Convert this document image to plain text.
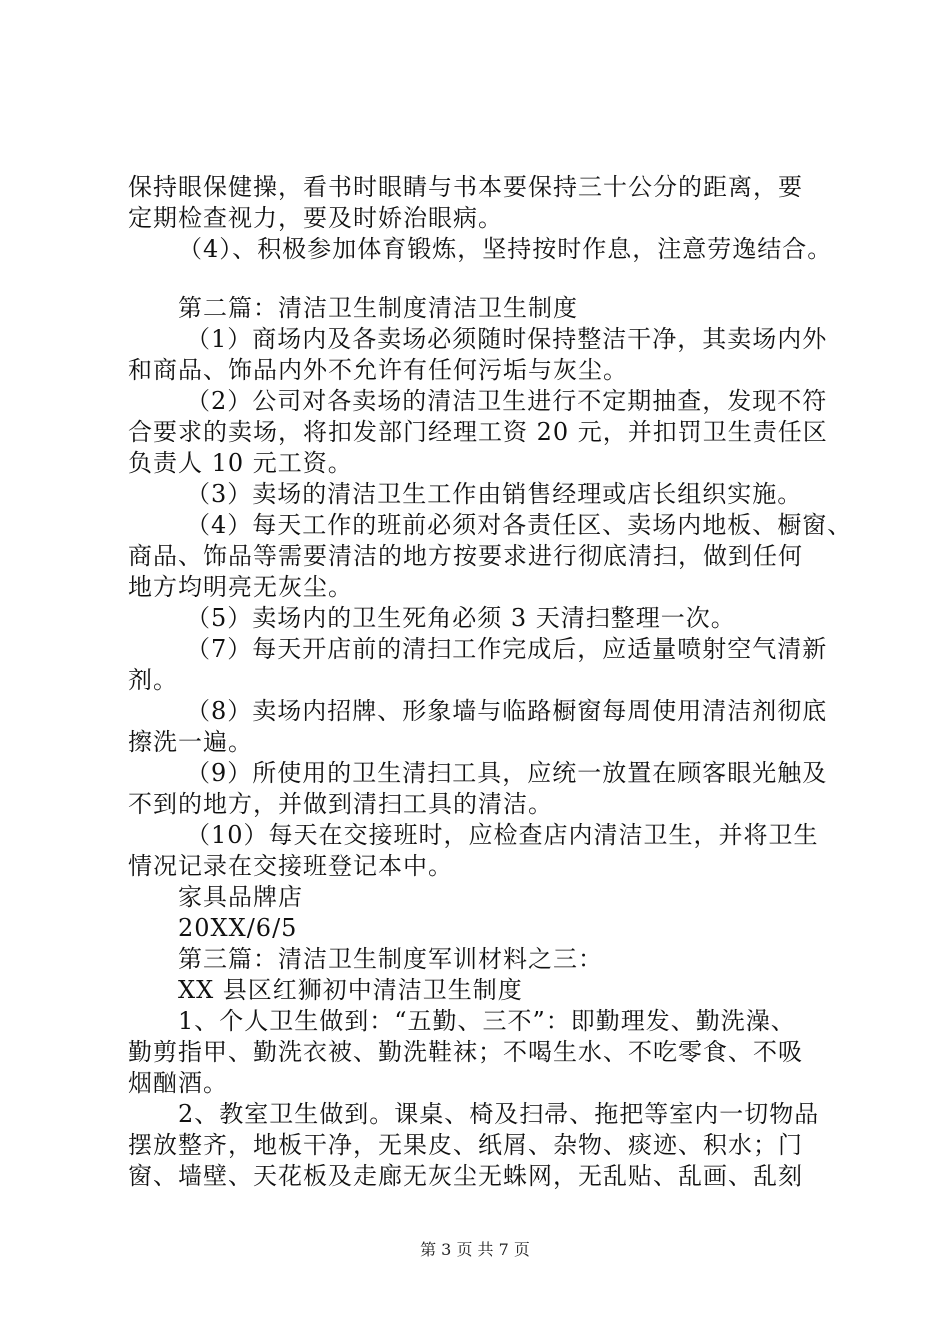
保持眼保健操，看书时眼睛与书本要保持三十公分的距离，要
定期检查视力，要及时娇治眼病。
（4）、积极参加体育锻炼，坚持按时作息，注意劳逸结合。
第二篇：清洁卫生制度清洁卫生制度
（1）商场内及各卖场必须随时保持整洁干净，其卖场内外
和商品、饰品内外不允许有任何污垢与灰尘。
（2）公司对各卖场的清洁卫生进行不定期抽查，发现不符
合要求的卖场，将扣发部门经理工资 20 元，并扣罚卫生责任区
负责人 10 元工资。
（3）卖场的清洁卫生工作由销售经理或店长组织实施。
（4）每天工作的班前必须对各责任区、卖场内地板、橱窗、
商品、饰品等需要清洁的地方按要求进行彻底清扫，做到任何
地方均明亮无灰尘。
（5）卖场内的卫生死角必须 3 天清扫整理一次。
（7）每天开店前的清扫工作完成后，应适量喷射空气清新
剂。
（8）卖场内招牌、形象墙与临路橱窗每周使用清洁剂彻底
擦洗一遍。
（9）所使用的卫生清扫工具，应统一放置在顾客眼光触及
不到的地方，并做到清扫工具的清洁。
（10）每天在交接班时，应检查店内清洁卫生，并将卫生
情况记录在交接班登记本中。
家具品牌店
20XX/6/5
第三篇：清洁卫生制度军训材料之三：
XX 县区红狮初中清洁卫生制度
1、个人卫生做到：“五勤、三不”：即勤理发、勤洗澡、
勤剪指甲、勤洗衣被、勤洗鞋袜；不喝生水、不吃零食、不吸
烟酗酒。
2、教室卫生做到。课桌、椅及扫帚、拖把等室内一切物品
摆放整齐，地板干净，无果皮、纸屑、杂物、痰迹、积水；门
窗、墙壁、天花板及走廊无灰尘无蛛网，无乱贴、乱画、乱刻
第 3 页 共 7 页
